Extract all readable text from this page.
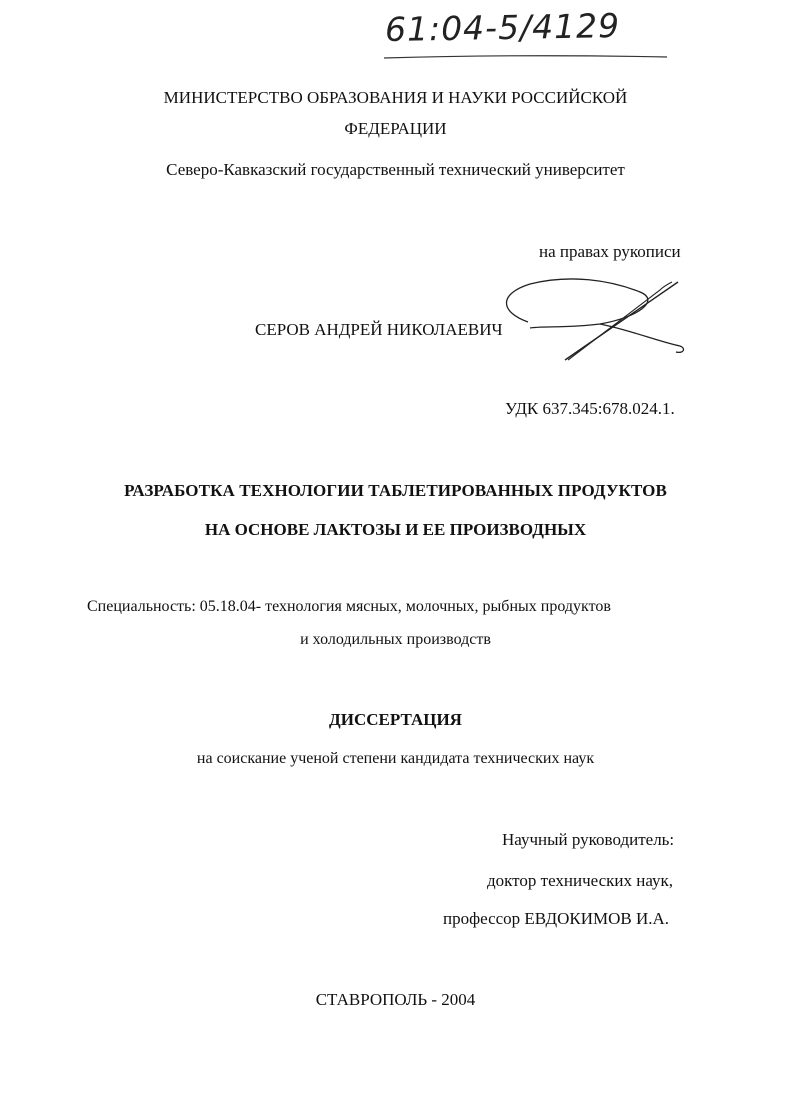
61:04-5/4129
МИНИСТЕРСТВО ОБРАЗОВАНИЯ И НАУКИ РОССИЙСКОЙ
ФЕДЕРАЦИИ
Северо-Кавказский государственный технический университет
на правах рукописи
СЕРОВ АНДРЕЙ НИКОЛАЕВИЧ
УДК 637.345:678.024.1.
РАЗРАБОТКА ТЕХНОЛОГИИ ТАБЛЕТИРОВАННЫХ ПРОДУКТОВ
НА ОСНОВЕ ЛАКТОЗЫ И ЕЕ ПРОИЗВОДНЫХ
Специальность: 05.18.04- технология мясных, молочных, рыбных продуктов
и холодильных производств
ДИССЕРТАЦИЯ
на соискание ученой степени кандидата технических наук
Научный руководитель:
доктор технических наук,
профессор ЕВДОКИМОВ И.А.
СТАВРОПОЛЬ - 2004
